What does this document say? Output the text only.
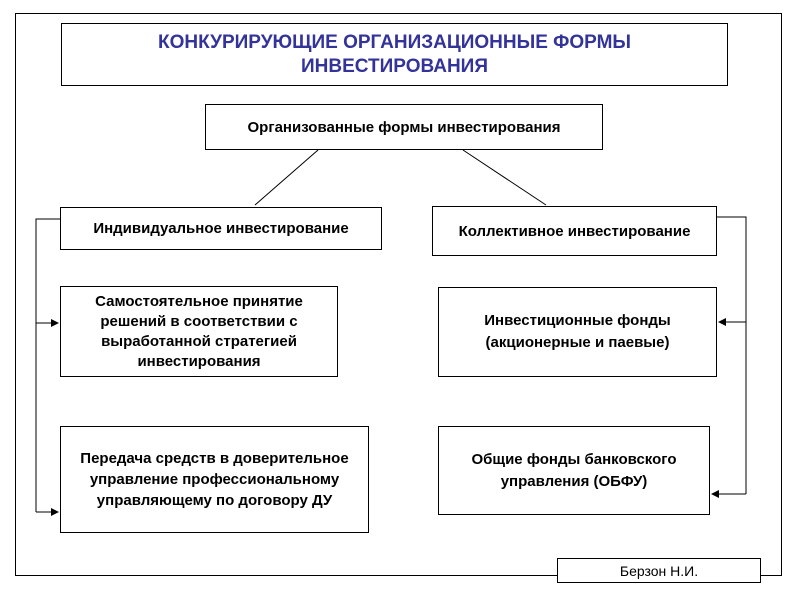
КОНКУРИРУЮЩИЕ ОРГАНИЗАЦИОННЫЕ ФОРМЫ ИНВЕСТИРОВАНИЯ
Организованные формы инвестирования
Индивидуальное инвестирование	Коллективное инвестирование
Самостоятельное принятие решений в соответствии с выработанной стратегией инвестирования
Передача средств в доверительное управление профессиональному управляющему по договору ДУ
Инвестиционные фонды (акционерные и паевые)
Общие фонды банковского управления (ОБФУ)
Берзон Н.И.
